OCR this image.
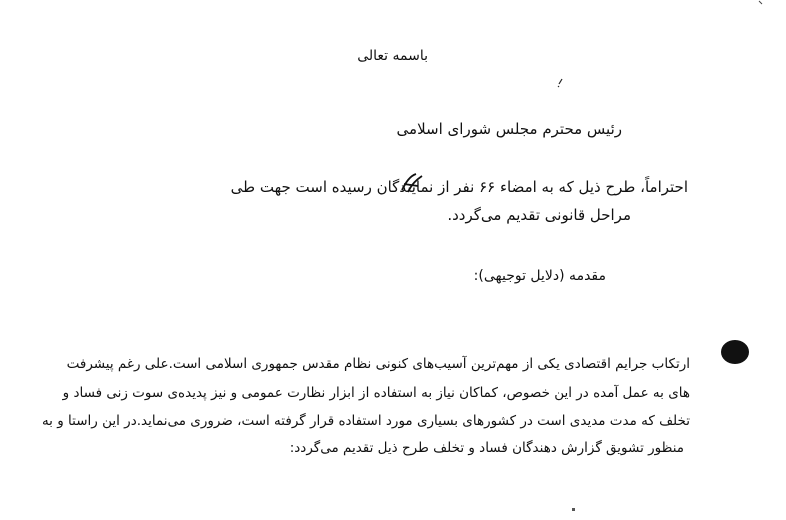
باسمه تعالی
رئیس محترم مجلس شورای اسلامی
احتراماً، طرح ذیل که به امضاء ۶۶ نفر از نمایندگان رسیده است جهت طی
مراحل قانونی تقدیم می‌گردد.
مقدمه (دلایل توجیهی):
ارتکاب جرایم اقتصادی یکی از مهم‌ترین آسیب‌های کنونی نظام مقدس جمهوری اسلامی است.علی رغم پیشرفت
های به عمل آمده در این خصوص، کماکان نیاز به استفاده از ابزار نظارت عمومی و نیز پدیده‌ی سوت زنی فساد و
تخلف که مدت مدیدی است در کشورهای بسیاری مورد استفاده قرار گرفته است، ضروری می‌نماید.در این راستا و به
منظور تشویق گزارش دهندگان فساد و تخلف طرح ذیل تقدیم می‌گردد:
